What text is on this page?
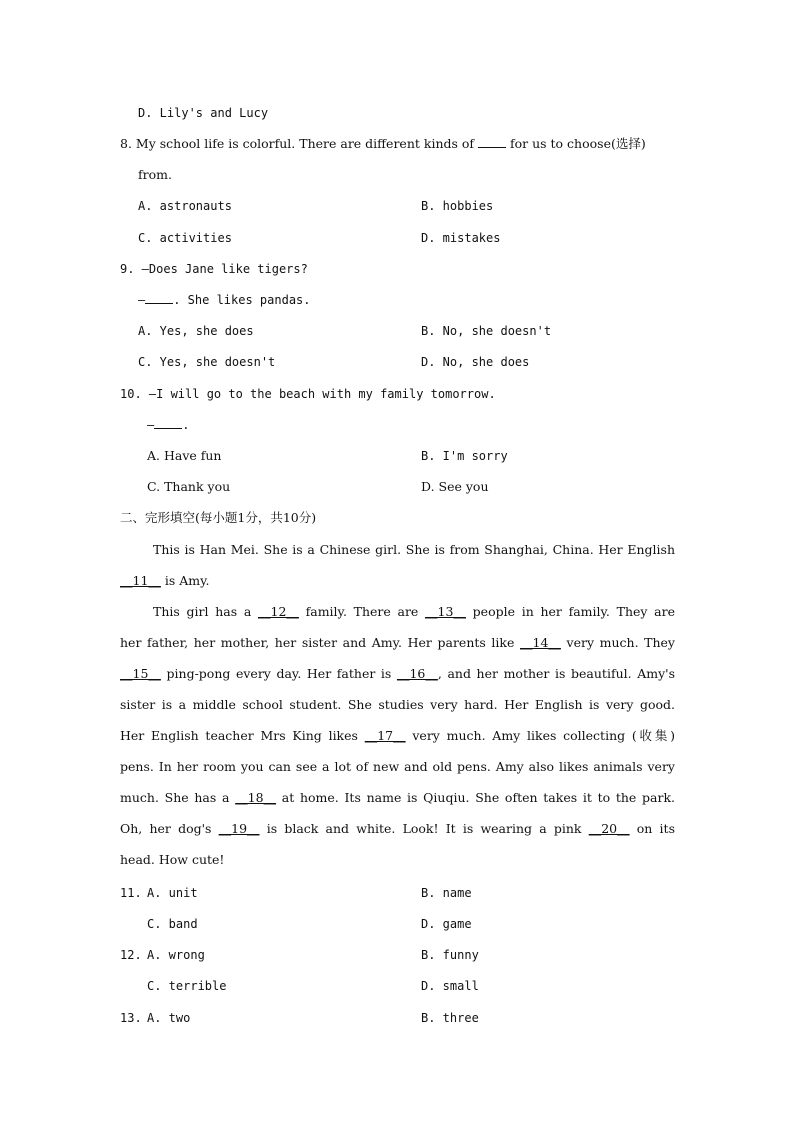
D. Lily's and Lucy
8. My school life is colorful. There are different kinds of  for us to choose(选择)
from.
A. astronauts	B. hobbies
C. activities	D. mistakes
9. —Does Jane like tigers?
— . She likes pandas.
A. Yes, she does	B. No, she doesn't
C. Yes, she doesn't	D. No, she does
10. —I will go to the beach with my family tomorrow.
— .
A. Have fun	B. I'm sorry
C. Thank you	D. See you
二、完形填空(每小题1分，共10分)
This is Han Mei. She is a Chinese girl. She is from Shanghai, China. Her English
__11__ is Amy.
This girl has a __12__ family. There are __13__ people in her family. They are
her father, her mother, her sister and Amy. Her parents like __14__ very much. They
__15__ ping-pong every day. Her father is __16__, and her mother is beautiful. Amy's
sister is a middle school student. She studies very hard. Her English is very good.
Her English teacher Mrs King likes __17__ very much. Amy likes collecting (收集)
pens. In her room you can see a lot of new and old pens. Amy also likes animals very
much. She has a __18__ at home. Its name is Qiuqiu. She often takes it to the park.
Oh, her dog's __19__ is black and white. Look! It is wearing a pink __20__ on its
head. How cute!
11. A. unit	B. name
C. band	D. game
12. A. wrong	B. funny
C. terrible	D. small
13. A. two	B. three
